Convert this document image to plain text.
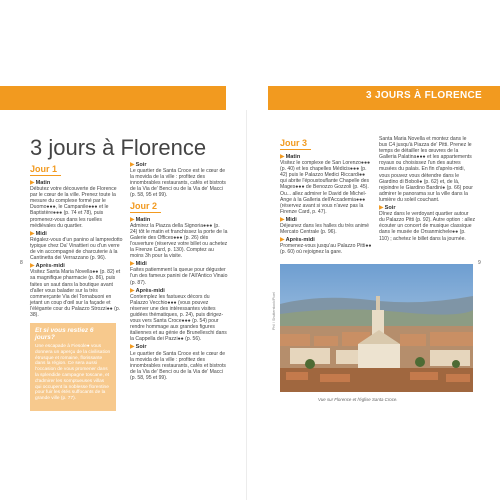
3 JOURS À FLORENCE
8	9
3 jours à Florence
Jour 1
▶Matin

Débutez votre découverte de Florence par le cœur de la ville. Prenez toute la mesure du complexe formé par le Duomo●●●, le Campanile●●● et le Baptistère●●● (p. 74 et 78), puis promenez-vous dans les ruelles médiévales du quartier.

▶Midi

Régalez-vous d'un panino al lampredotto typique chez Da' Vinattieri ou d'un verre de vin accompagné de charcuterie à la Cantinetta dei Verrazzano (p. 96).

▶Après-midi

Visitez Santa Maria Novella●● (p. 82) et sa magnifique pharmacie (p. 86), puis faites un saut dans la boutique avant d'aller vous balader sur la très commerçante Via del Tornabuoni en jetant un coup d'œil sur la façade et l'élégante cour du Palazzo Strozzi●● (p. 38).

Et si vous restiez 6 jours?
Une escapade à Fiesole● vous donnera un aperçu de la civilisation étrusque et romaine, florissante dans la région. Ce sera aussi l'occasion de vous promener dans la splendide campagne toscane, et d'admirer les somptueuses villas qui occupent la noblesse florentine pour fuir les étés suffocants de la grande ville (p. 77).
▶Soir

Le quartier de Santa Croce est le cœur de la movida de la ville : profitez des innombrables restaurants, cafés et bistrots de la Via de' Benci ou de la Via de' Macci (p. 58, 95 et 99).

Jour 2
▶Matin

Admirez la Piazza della Signoria●●● (p. 24) tôt le matin et franchissez la porte de la Galerie des Offices●●● (p. 26) dès l'ouverture (réservez votre billet ou achetez la Firenze Card, p. 130). Comptez au moins 3h pour la visite.

▶Midi

Faites patiemment la queue pour déguster l'un des fameux panini de l'All'Antico Vinaio (p. 87).

▶Après-midi

Contemplez les fastueux décors du Palazzo Vecchio●●● (vous pouvez réserver une des intéressantes visites guidées thématiques, p. 24), puis dirigez-vous vers Santa Croce●●● (p. 54) pour rendre hommage aux grandes figures italiennes et au génie de Brunelleschi dans la Cappella dei Pazzi●● (p. 56).

▶Soir

Le quartier de Santa Croce est le cœur de la movida de la ville : profitez des innombrables restaurants, cafés et bistrots de la Via de' Benci ou de la Via de' Macci (p. 58, 95 et 99).

Jour 3
▶Matin

Visitez le complexe de San Lorenzo●●● (p. 40) et les chapelles Médicis●●● (p. 42) puis le Palazzo Medici Riccardi●● qui abrite l'époustouflante Chapelle des Mages●●● de Benozzo Gozzoli (p. 45). Ou... allez admirer le David de Michel-Ange à la Galleria dell'Accademia●●● (réservez avant si vous n'avez pas la Firenze Card, p. 47).

▶Midi

Déjeunez dans les halles du très animé Mercato Centrale (p. 96).

▶Après-midi

Promenez-vous jusqu'au Palazzo Pitti●● (p. 60) où rejoignez la gare.

Santa Maria Novella et montez dans le bus C4 jusqu'à Piazza de' Pitti. Prenez le temps de détailler les œuvres de la Galleria Palatina●●● et les appartements royaux ou choisissez l'un des autres musées du palais. En fin d'après-midi, vous pouvez vous détendre dans le Giardino di Boboli● (p. 62) et, de là, rejoindre le Giardino Bardini● (p. 66) pour admirer le panorama sur la ville dans la lumière du soleil couchant.

▶Soir

Dînez dans le verdoyant quartier autour du Palazzo Pitti (p. 92). Autre option : allez écouter un concert de musique classique dans le musée de Orsanmichele●● (p. 110) ; achetez le billet dans la journée.

Phil / Shutterstock/Pixel
Vue sur Florence et l'église Santa Croce.
